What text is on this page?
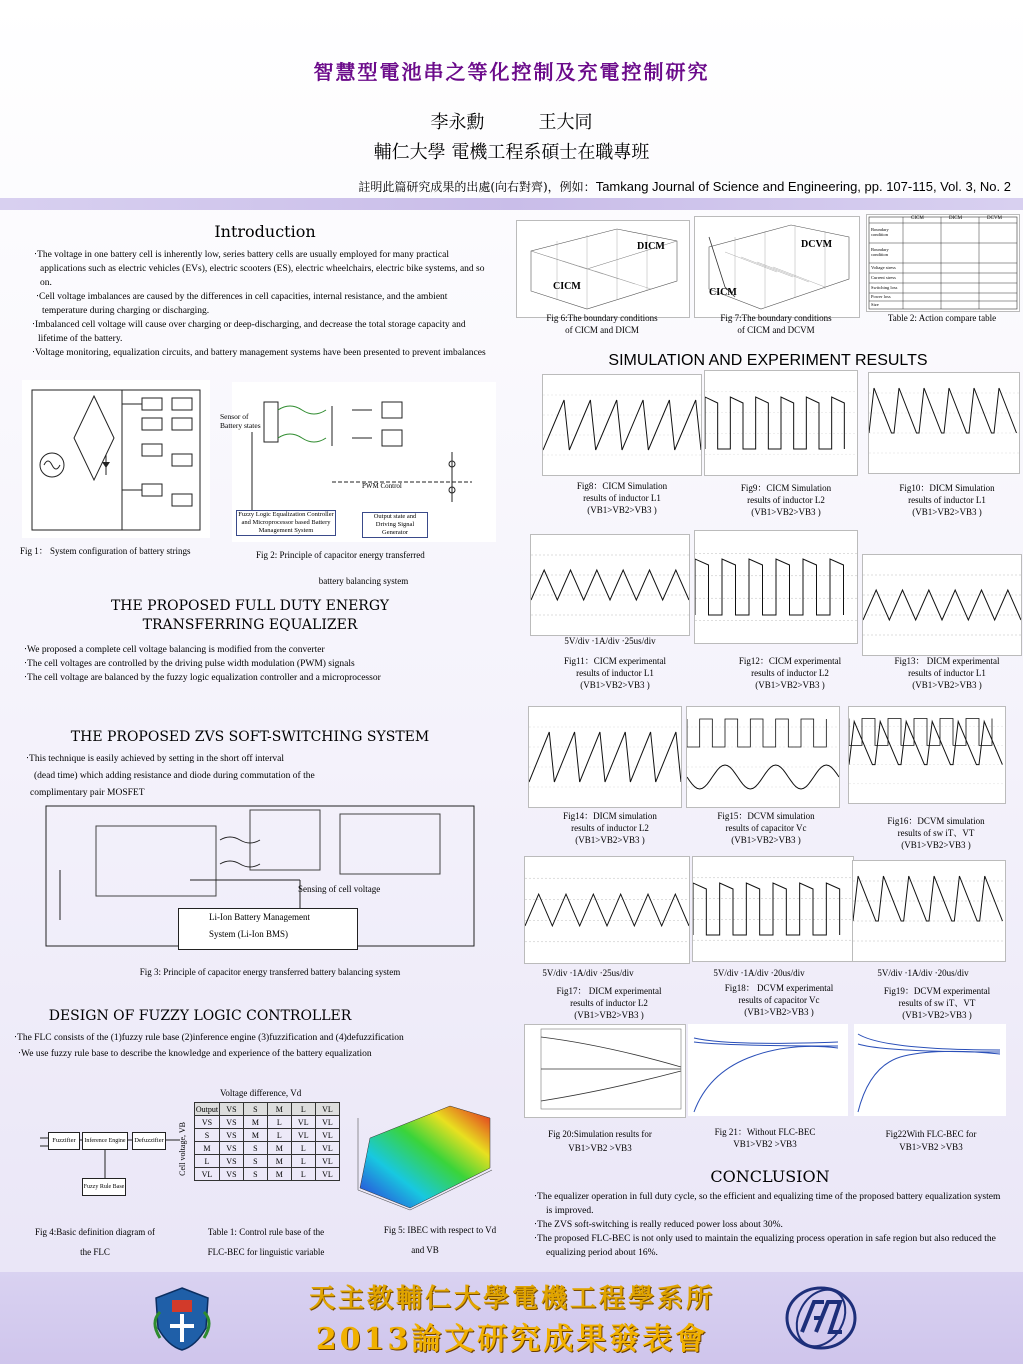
智慧型電池串之等化控制及充電控制研究
李永勳　　　王大同
輔仁大學 電機工程系碩士在職專班
註明此篇研究成果的出處(向右對齊)，例如：Tamkang Journal of Science and Engineering, pp. 107-115, Vol. 3, No. 2
Introduction
‧The voltage in one battery cell is inherently low, series battery cells are usually employed for many practical applications such as electric vehicles (EVs), electric scooters (ES), electric wheelchairs, electric bike systems, and so on.
‧Cell voltage imbalances are caused by the differences in cell capacities, internal resistance, and the ambient temperature during charging or discharging.
‧Imbalanced cell voltage will cause over charging or deep-discharging, and decrease the total storage capacity and lifetime of the battery.
‧Voltage monitoring, equalization circuits, and battery management systems have been presented to prevent imbalances
Fig 1： System configuration of battery strings
Sensor of Battery states
PWM Control
Fuzzy Logic Equalization Controller and Microprocessor based Battery Management System
Output state and Driving Signal Generator
Fig 2: Principle of capacitor energy transferred
battery balancing system
THE PROPOSED FULL DUTY ENERGY
TRANSFERRING EQUALIZER
‧We proposed a complete cell voltage balancing is modified from the converter
‧The cell voltages are controlled by the driving pulse width modulation (PWM) signals
‧The cell voltage are balanced by the fuzzy logic equalization controller and a microprocessor
THE PROPOSED ZVS SOFT-SWITCHING SYSTEM
‧This technique is easily achieved by setting in the short off interval
(dead time) which adding resistance and diode during commutation of the
complimentary pair MOSFET
Sensing of cell voltage
Li-Ion Battery Management
System (Li-Ion BMS)
Fig 3: Principle of capacitor energy transferred battery balancing system
DESIGN OF FUZZY LOGIC CONTROLLER
‧The FLC consists of the (1)fuzzy rule base (2)inference engine (3)fuzzification and (4)defuzzification
‧We use fuzzy rule base to describe the knowledge and experience of the battery equalization
Fuzzifier	Inference Engine	Defuzzifier
Fuzzy Rule Base
Fig 4:Basic definition diagram of
the FLC
Voltage difference, Vd
Cell voltage, VB
Output	VS	S	M	L	VL
VS	VS	M	L	VL	VL
S	VS	M	L	VL	VL
M	VS	S	M	L	VL
L	VS	S	M	L	VL
VL	VS	S	M	L	VL
Table 1: Control rule base of the
FLC-BEC for linguistic variable
Fig 5: IBEC with respect to Vd
and VB
DICM
CICM
Fig 6:The boundary conditions
of CICM and DICM
DCVM
CICM
Fig 7:The boundary conditions
of CICM and DCVM
CICM	DICM	DCVM
Boundary condition
Boundary condition
Voltage stress
Current stress
Switching loss
Power loss
Size
Table 2: Action compare table
SIMULATION AND EXPERIMENT RESULTS
Fig8：CICM Simulation
results of inductor L1
(VB1>VB2>VB3 )
Fig9：CICM Simulation
results of inductor L2
(VB1>VB2>VB3 )
Fig10：DICM Simulation
results of inductor L1
(VB1>VB2>VB3 )
Fig11：CICM experimental
results of inductor L1
(VB1>VB2>VB3 )
Fig12：CICM experimental
results of inductor L2
(VB1>VB2>VB3 )
Fig13： DICM experimental
results of inductor L1
(VB1>VB2>VB3 )
Fig14：DICM simulation
results of inductor L2
(VB1>VB2>VB3 )
Fig15：DCVM simulation
results of capacitor Vc
(VB1>VB2>VB3 )
Fig16：DCVM simulation
results of sw iT、VT
(VB1>VB2>VB3 )
Fig17： DICM experimental
results of inductor L2
(VB1>VB2>VB3 )
Fig18： DCVM experimental
results of capacitor Vc
(VB1>VB2>VB3 )
Fig19：DCVM experimental
results of sw iT、VT
(VB1>VB2>VB3 )
5V/div ‧1A/div ‧25us/div
5V/div ‧1A/div ‧25us/div	5V/div ‧1A/div ‧20us/div	5V/div ‧1A/div ‧20us/div
Fig 20:Simulation results for
VB1>VB2 >VB3
Fig 21：Without FLC-BEC
VB1>VB2 >VB3
Fig22With FLC-BEC for
VB1>VB2 >VB3
CONCLUSION
‧The equalizer operation in full duty cycle, so the efficient and equalizing time of the proposed battery equalization system is improved.
‧The ZVS soft-switching is really reduced power loss about 30%.
‧The proposed FLC-BEC is not only used to maintain the equalizing process operation in safe region but also reduced the equalizing period about 16%.
天主教輔仁大學電機工程學系所
2013論文研究成果發表會
